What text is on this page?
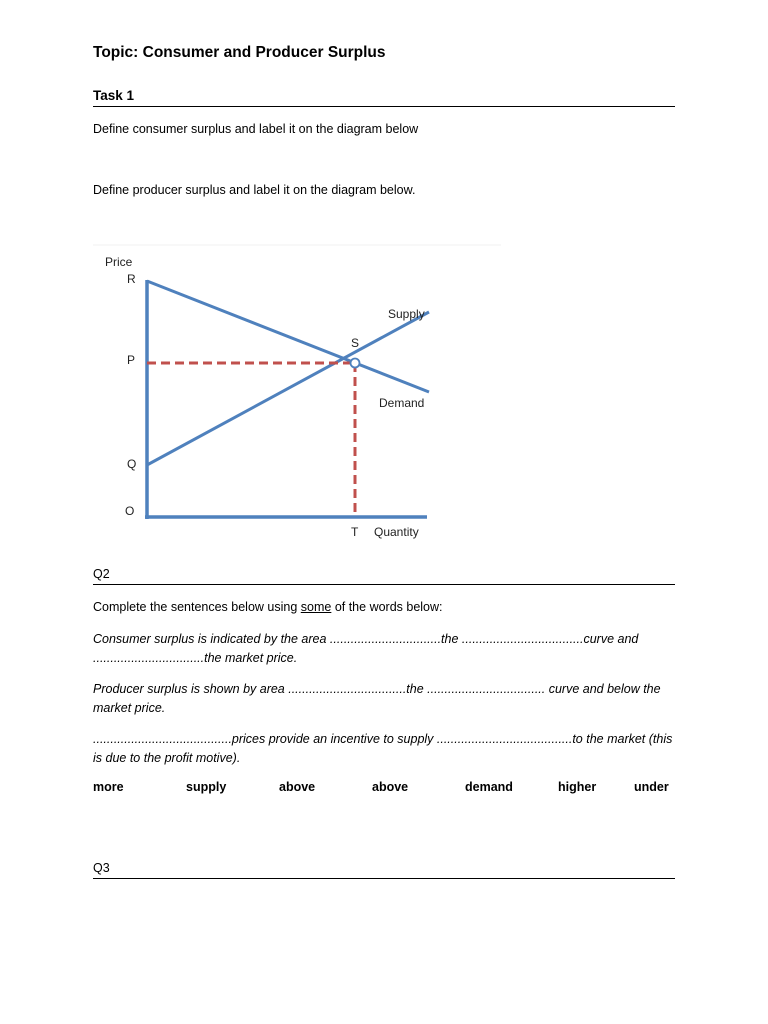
Topic: Consumer and Producer Surplus
Task 1
Define consumer surplus and label it on the diagram below
Define producer surplus and label it on the diagram below.
Price
R
P
Q
O
S
T
Supply
Demand
Quantity
Q2
Complete the sentences below using some of the words below:
Consumer surplus is indicated by the area ................................the ...................................curve and ................................the market price.
Producer surplus is shown by area ..................................the .................................. curve and below the market price.
........................................prices provide an incentive to supply .......................................to the market (this is due to the profit motive).
more	supply	above	above	demand	higher	under
Q3
